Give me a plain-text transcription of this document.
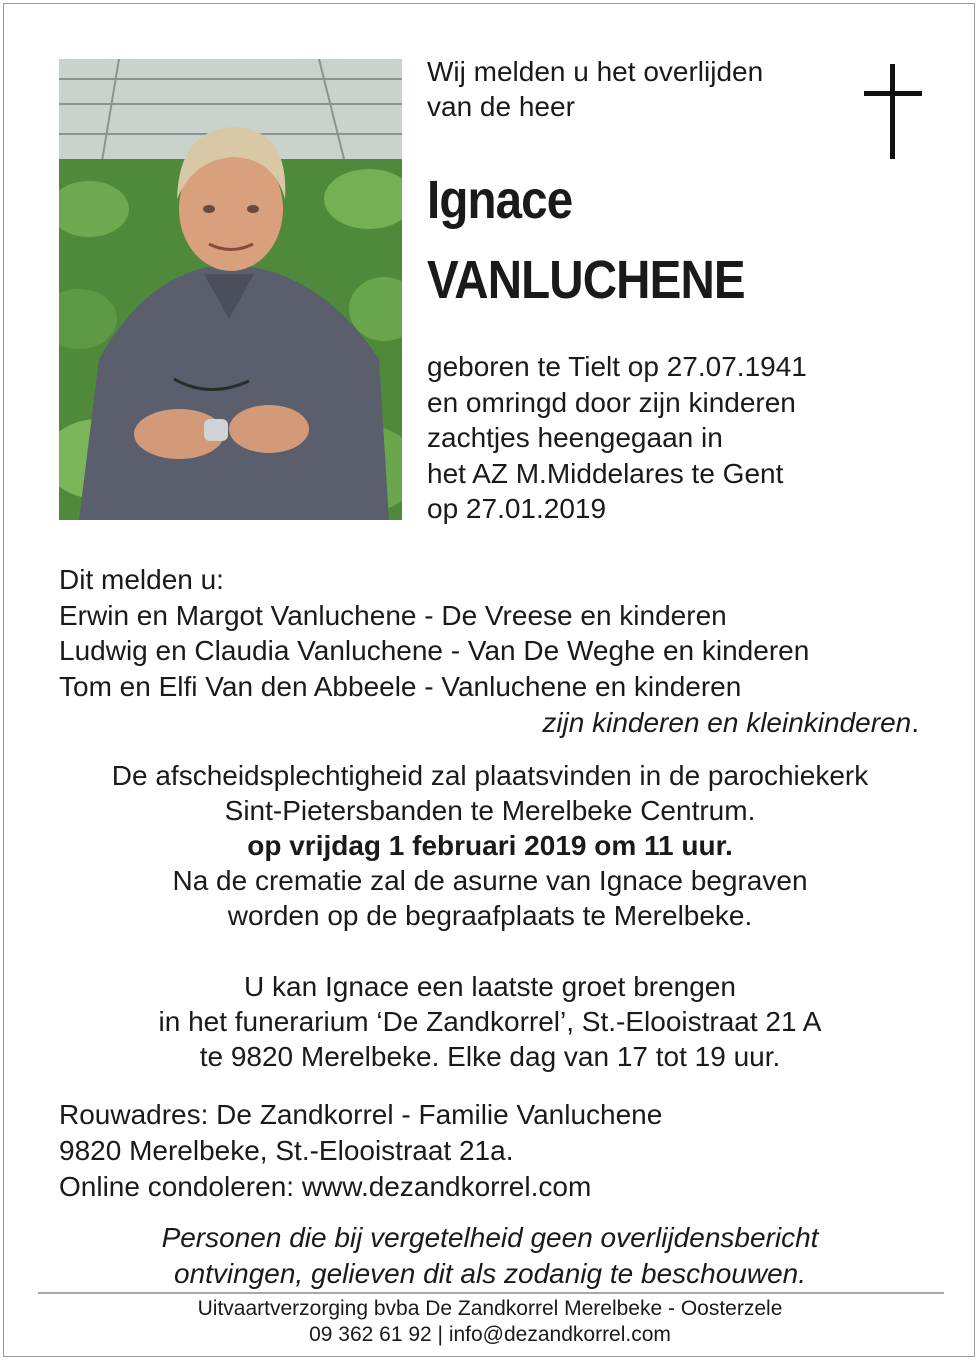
Wij melden u het overlijden
van de heer
Ignace
VANLUCHENE
geboren te Tielt op 27.07.1941
en omringd door zijn kinderen
zachtjes heengegaan in
het AZ M.Middelares te Gent
op 27.01.2019
Dit melden u:
Erwin en Margot Vanluchene - De Vreese en kinderen
Ludwig en Claudia Vanluchene - Van De Weghe en kinderen
Tom en Elfi Van den Abbeele - Vanluchene en kinderen
zijn kinderen en kleinkinderen.
De afscheidsplechtigheid zal plaatsvinden in de parochiekerk
Sint-Pietersbanden te Merelbeke Centrum.
op vrijdag 1 februari 2019 om 11 uur.
Na de crematie zal de asurne van Ignace begraven
worden op de begraafplaats te Merelbeke.
U kan Ignace een laatste groet brengen
in het funerarium ‘De Zandkorrel’, St.-Elooistraat 21 A
te 9820 Merelbeke. Elke dag van 17 tot 19 uur.
Rouwadres: De Zandkorrel - Familie Vanluchene
9820 Merelbeke, St.-Elooistraat 21a.
Online condoleren: www.dezandkorrel.com
Personen die bij vergetelheid geen overlijdensbericht
ontvingen, gelieven dit als zodanig te beschouwen.
Uitvaartverzorging bvba De Zandkorrel Merelbeke - Oosterzele
09 362 61 92 | info@dezandkorrel.com
